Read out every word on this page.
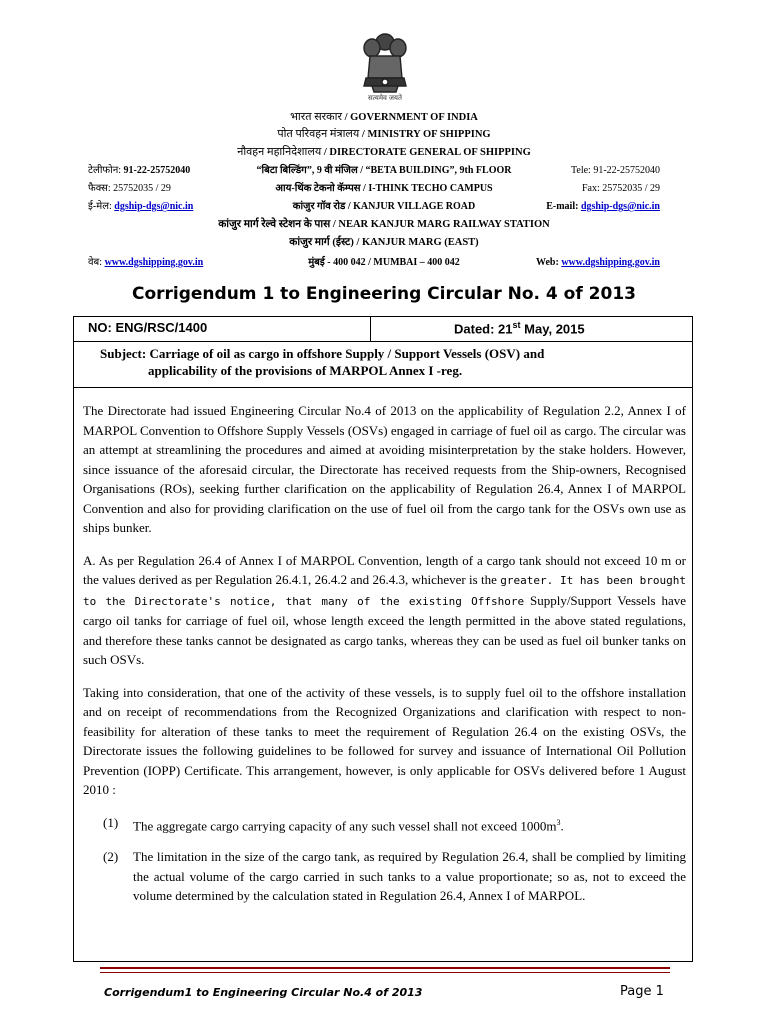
सत्यमेव जयते
भारत सरकार / GOVERNMENT OF INDIA
पोत परिवहन मंत्रालय / MINISTRY OF SHIPPING
नौवहन महानिदेशालय / DIRECTORATE GENERAL OF SHIPPING
टेलीफोन: 91-22-25752040	“बिटा बिल्डिंग”, 9 वी मंजिल / “BETA BUILDING”, 9th FLOOR	Tele: 91-22-25752040
फैक्स: 25752035 / 29	आय-थिंक टेकनो कॅम्पस / I-THINK TECHO CAMPUS	Fax: 25752035 / 29
ई-मेल: dgship-dgs@nic.in	कांजुर गॉव रोड / KANJUR VILLAGE ROAD	E-mail: dgship-dgs@nic.in
कांजुर मार्ग रेल्वे स्टेशन के पास / NEAR KANJUR MARG RAILWAY STATION
कांजुर मार्ग (ईस्ट) / KANJUR MARG (EAST)
वेब: www.dgshipping.gov.in	मुंबई - 400 042 / MUMBAI – 400 042	Web: www.dgshipping.gov.in
Corrigendum 1 to Engineering Circular No. 4 of 2013
NO: ENG/RSC/1400	Dated: 21st May, 2015
Subject: Carriage of oil as cargo in offshore Supply / Support Vessels (OSV) and
applicability of the provisions of MARPOL Annex I -reg.

The Directorate had issued Engineering Circular No.4 of 2013 on the applicability of Regulation 2.2, Annex I of MARPOL Convention to Offshore Supply Vessels (OSVs) engaged in carriage of fuel oil as cargo. The circular was an attempt at streamlining the procedures and aimed at avoiding misinterpretation by the stake holders. However, since issuance of the aforesaid circular, the Directorate has received requests from the Ship-owners, Recognised Organisations (ROs), seeking further clarification on the applicability of Regulation 26.4, Annex I of MARPOL Convention and also for providing clarification on the use of fuel oil from the cargo tank for the OSVs own use as ships bunker.

A. As per Regulation 26.4 of Annex I of MARPOL Convention, length of a cargo tank should not exceed 10 m or the values derived as per Regulation 26.4.1, 26.4.2 and 26.4.3, whichever is the greater. It has been brought to the Directorate's notice, that many of the existing Offshore Supply/Support Vessels have cargo oil tanks for carriage of fuel oil, whose length exceed the length permitted in the above stated regulations, and therefore these tanks cannot be designated as cargo tanks, whereas they can be used as fuel oil bunker tanks on such OSVs.

Taking into consideration, that one of the activity of these vessels, is to supply fuel oil to the offshore installation and on receipt of recommendations from the Recognized Organizations and clarification with respect to non-feasibility for alteration of these tanks to meet the requirement of Regulation 26.4 on the existing OSVs, the Directorate issues the following guidelines to be followed for survey and issuance of International Oil Pollution Prevention (IOPP) Certificate. This arrangement, however, is only applicable for OSVs delivered before 1 August 2010 :

(1) The aggregate cargo carrying capacity of any such vessel shall not exceed $1000m^3$.
(2) The limitation in the size of the cargo tank, as required by Regulation 26.4, shall be complied by limiting the actual volume of the cargo carried in such tanks to a value proportionate; so as, not to exceed the volume determined by the calculation stated in Regulation 26.4, Annex I of MARPOL.
Corrigendum1 to Engineering Circular No.4 of 2013	Page 1
